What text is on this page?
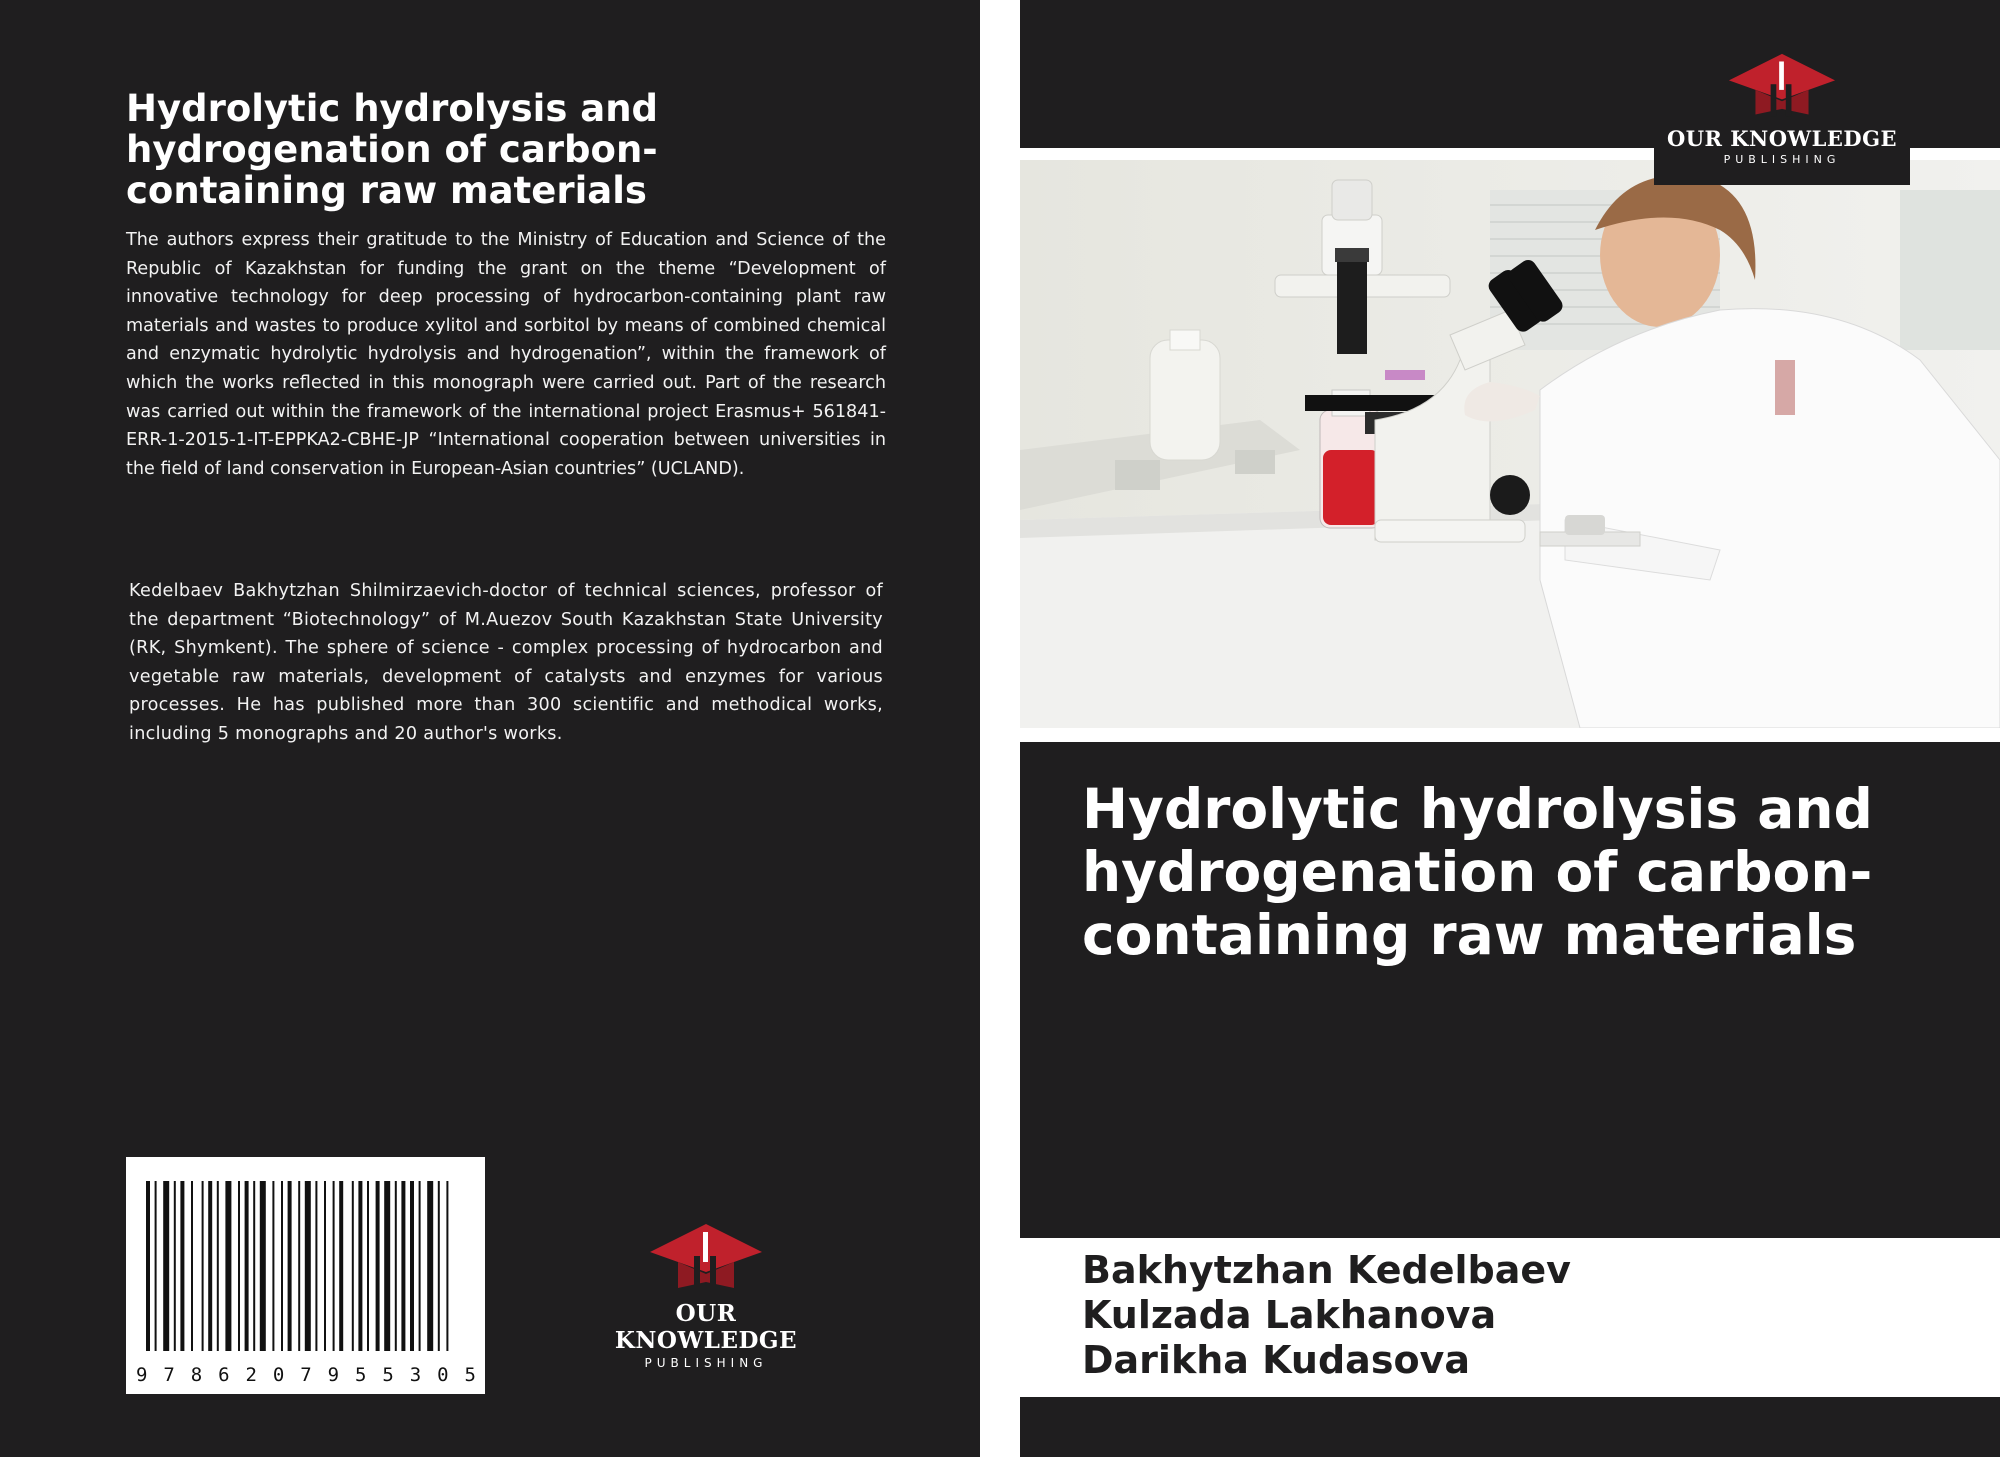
Hydrolytic hydrolysis and hydrogenation of carbon-containing raw materials

The authors express their gratitude to the Ministry of Education and Science of the Republic of Kazakhstan for funding the grant on the theme “Development of innovative technology for deep processing of hydrocarbon-containing plant raw materials and wastes to produce xylitol and sorbitol by means of combined chemical and enzymatic hydrolytic hydrolysis and hydrogenation”, within the framework of which the works reflected in this monograph were carried out. Part of the research was carried out within the framework of the international project Erasmus+ 561841-ERR-1-2015-1-IT-EPPKA2-CBHE-JP “International cooperation between universities in the field of land conservation in European-Asian countries” (UCLAND).

Kedelbaev Bakhytzhan Shilmirzaevich-doctor of technical sciences, professor of the department “Biotechnology” of M.Auezov South Kazakhstan State University (RK, Shymkent). The sphere of science - complex processing of hydrocarbon and vegetable raw materials, development of catalysts and enzymes for various processes. He has published more than 300 scientific and methodical works, including 5 monographs and 20 author's works.

9 7 8 6 2 0 7 9 5 5 3 0 5
OUR KNOWLEDGE
PUBLISHING
OUR KNOWLEDGE
PUBLISHING
Hydrolytic hydrolysis and hydrogenation of carbon-containing raw materials
Bakhytzhan Kedelbaev
Kulzada Lakhanova
Darikha Kudasova
